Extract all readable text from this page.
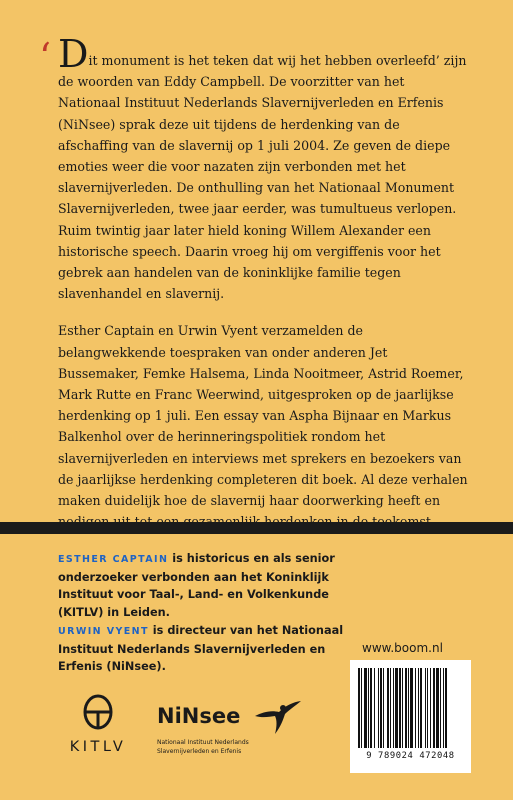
‘ Dit monument is het teken dat wij het hebben overleefd’ zijn de woorden van Eddy Campbell. De voorzitter van het Nationaal Instituut Nederlands Slavernijverleden en Erfenis (NiNsee) sprak deze uit tijdens de herdenking van de afschaffing van de slavernij op 1 juli 2004. Ze geven de diepe emoties weer die voor nazaten zijn verbonden met het slavernijverleden. De onthulling van het Nationaal Monument Slavernijverleden, twee jaar eerder, was tumultueus verlopen. Ruim twintig jaar later hield koning Willem Alexander een historische speech. Daarin vroeg hij om vergiffenis voor het gebrek aan handelen van de koninklijke familie tegen slavenhandel en slavernij.

Esther Captain en Urwin Vyent verzamelden de belangwekkende toespraken van onder anderen Jet Bussemaker, Femke Halsema, Linda Nooitmeer, Astrid Roemer, Mark Rutte en Franc Weerwind, uitgesproken op de jaarlijkse herdenking op 1 juli. Een essay van Aspha Bijnaar en Markus Balkenhol over de herinneringspolitiek rondom het slavernijverleden en interviews met sprekers en bezoekers van de jaarlijkse herdenking completeren dit boek. Al deze verhalen maken duidelijk hoe de slavernij haar doorwerking heeft en

ESTHER CAPTAIN is historicus en als senior onderzoeker verbonden aan het Koninklijk Instituut voor Taal-, Land- en Volkenkunde (KITLV) in Leiden.
URWIN VYENT is directeur van het Nationaal Instituut Nederlands Slavernijverleden en Erfenis (NiNsee).
www.boom.nl
9 789024 472048
KITLV
NiNsee
Nationaal Instituut Nederlands Slavernijverleden en Erfenis
